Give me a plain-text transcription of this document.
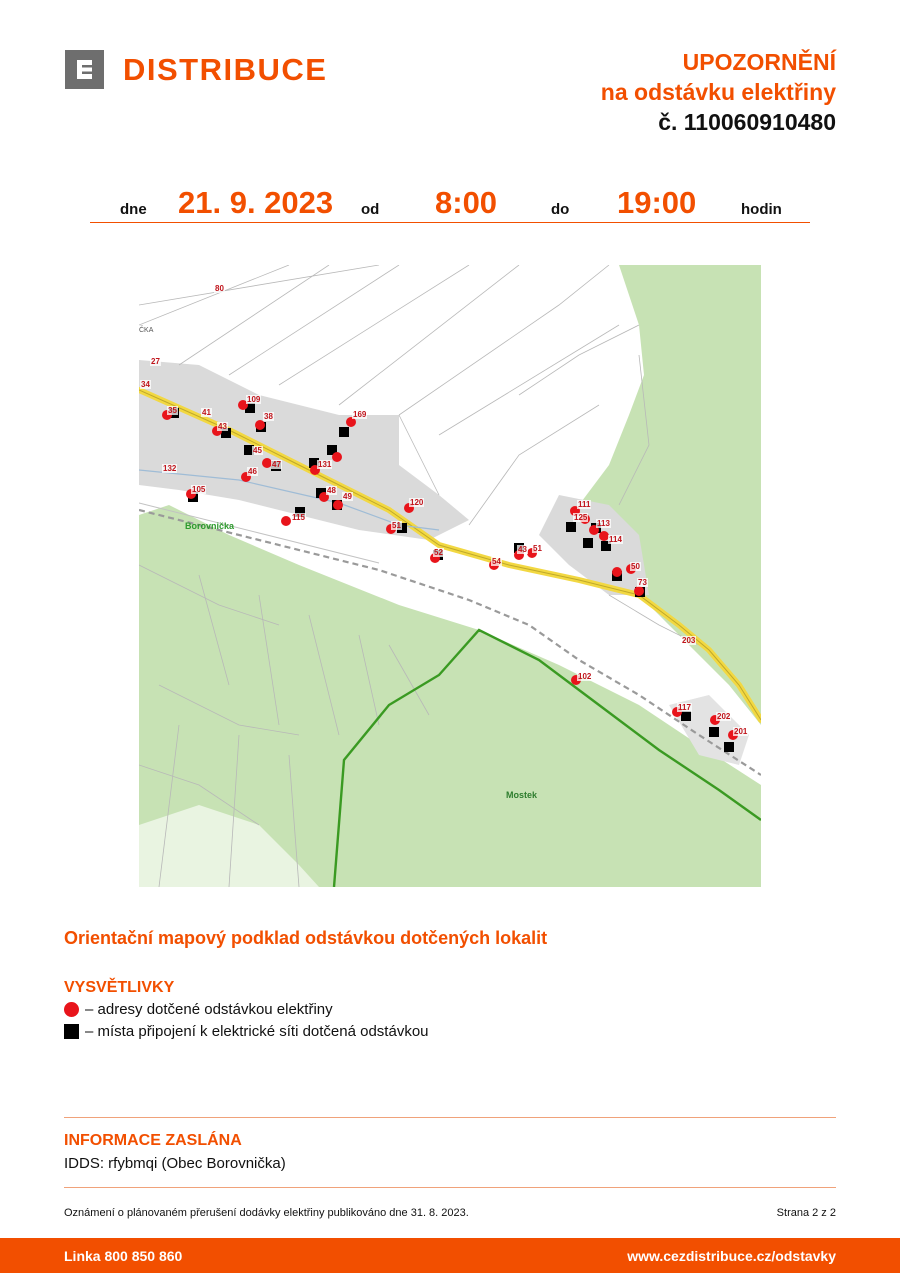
DISTRIBUCE	UPOZORNĚNÍ
na odstávku elektřiny
č. 110060910480
dne 21. 9. 2023 od 8:00	do 19:00	hodin
ČKA
Borovnička
Mostek
80
27
34
35	41
43
109
38	169
45
47
46
131
132
105	48
49
115
120
51
52	43 51
54
111
125
113
114
50
73
203
102
117
202
201
Orientační mapový podklad odstávkou dotčených lokalit
VYSVĚTLIVKY
– adresy dotčené odstávkou elektřiny
– místa připojení k elektrické síti dotčená odstávkou
INFORMACE ZASLÁNA
IDDS: rfybmqi (Obec Borovnička)
Oznámení o plánovaném přerušení dodávky elektřiny publikováno dne 31. 8. 2023.	Strana 2 z 2
Linka 800 850 860	www.cezdistribuce.cz/odstavky
